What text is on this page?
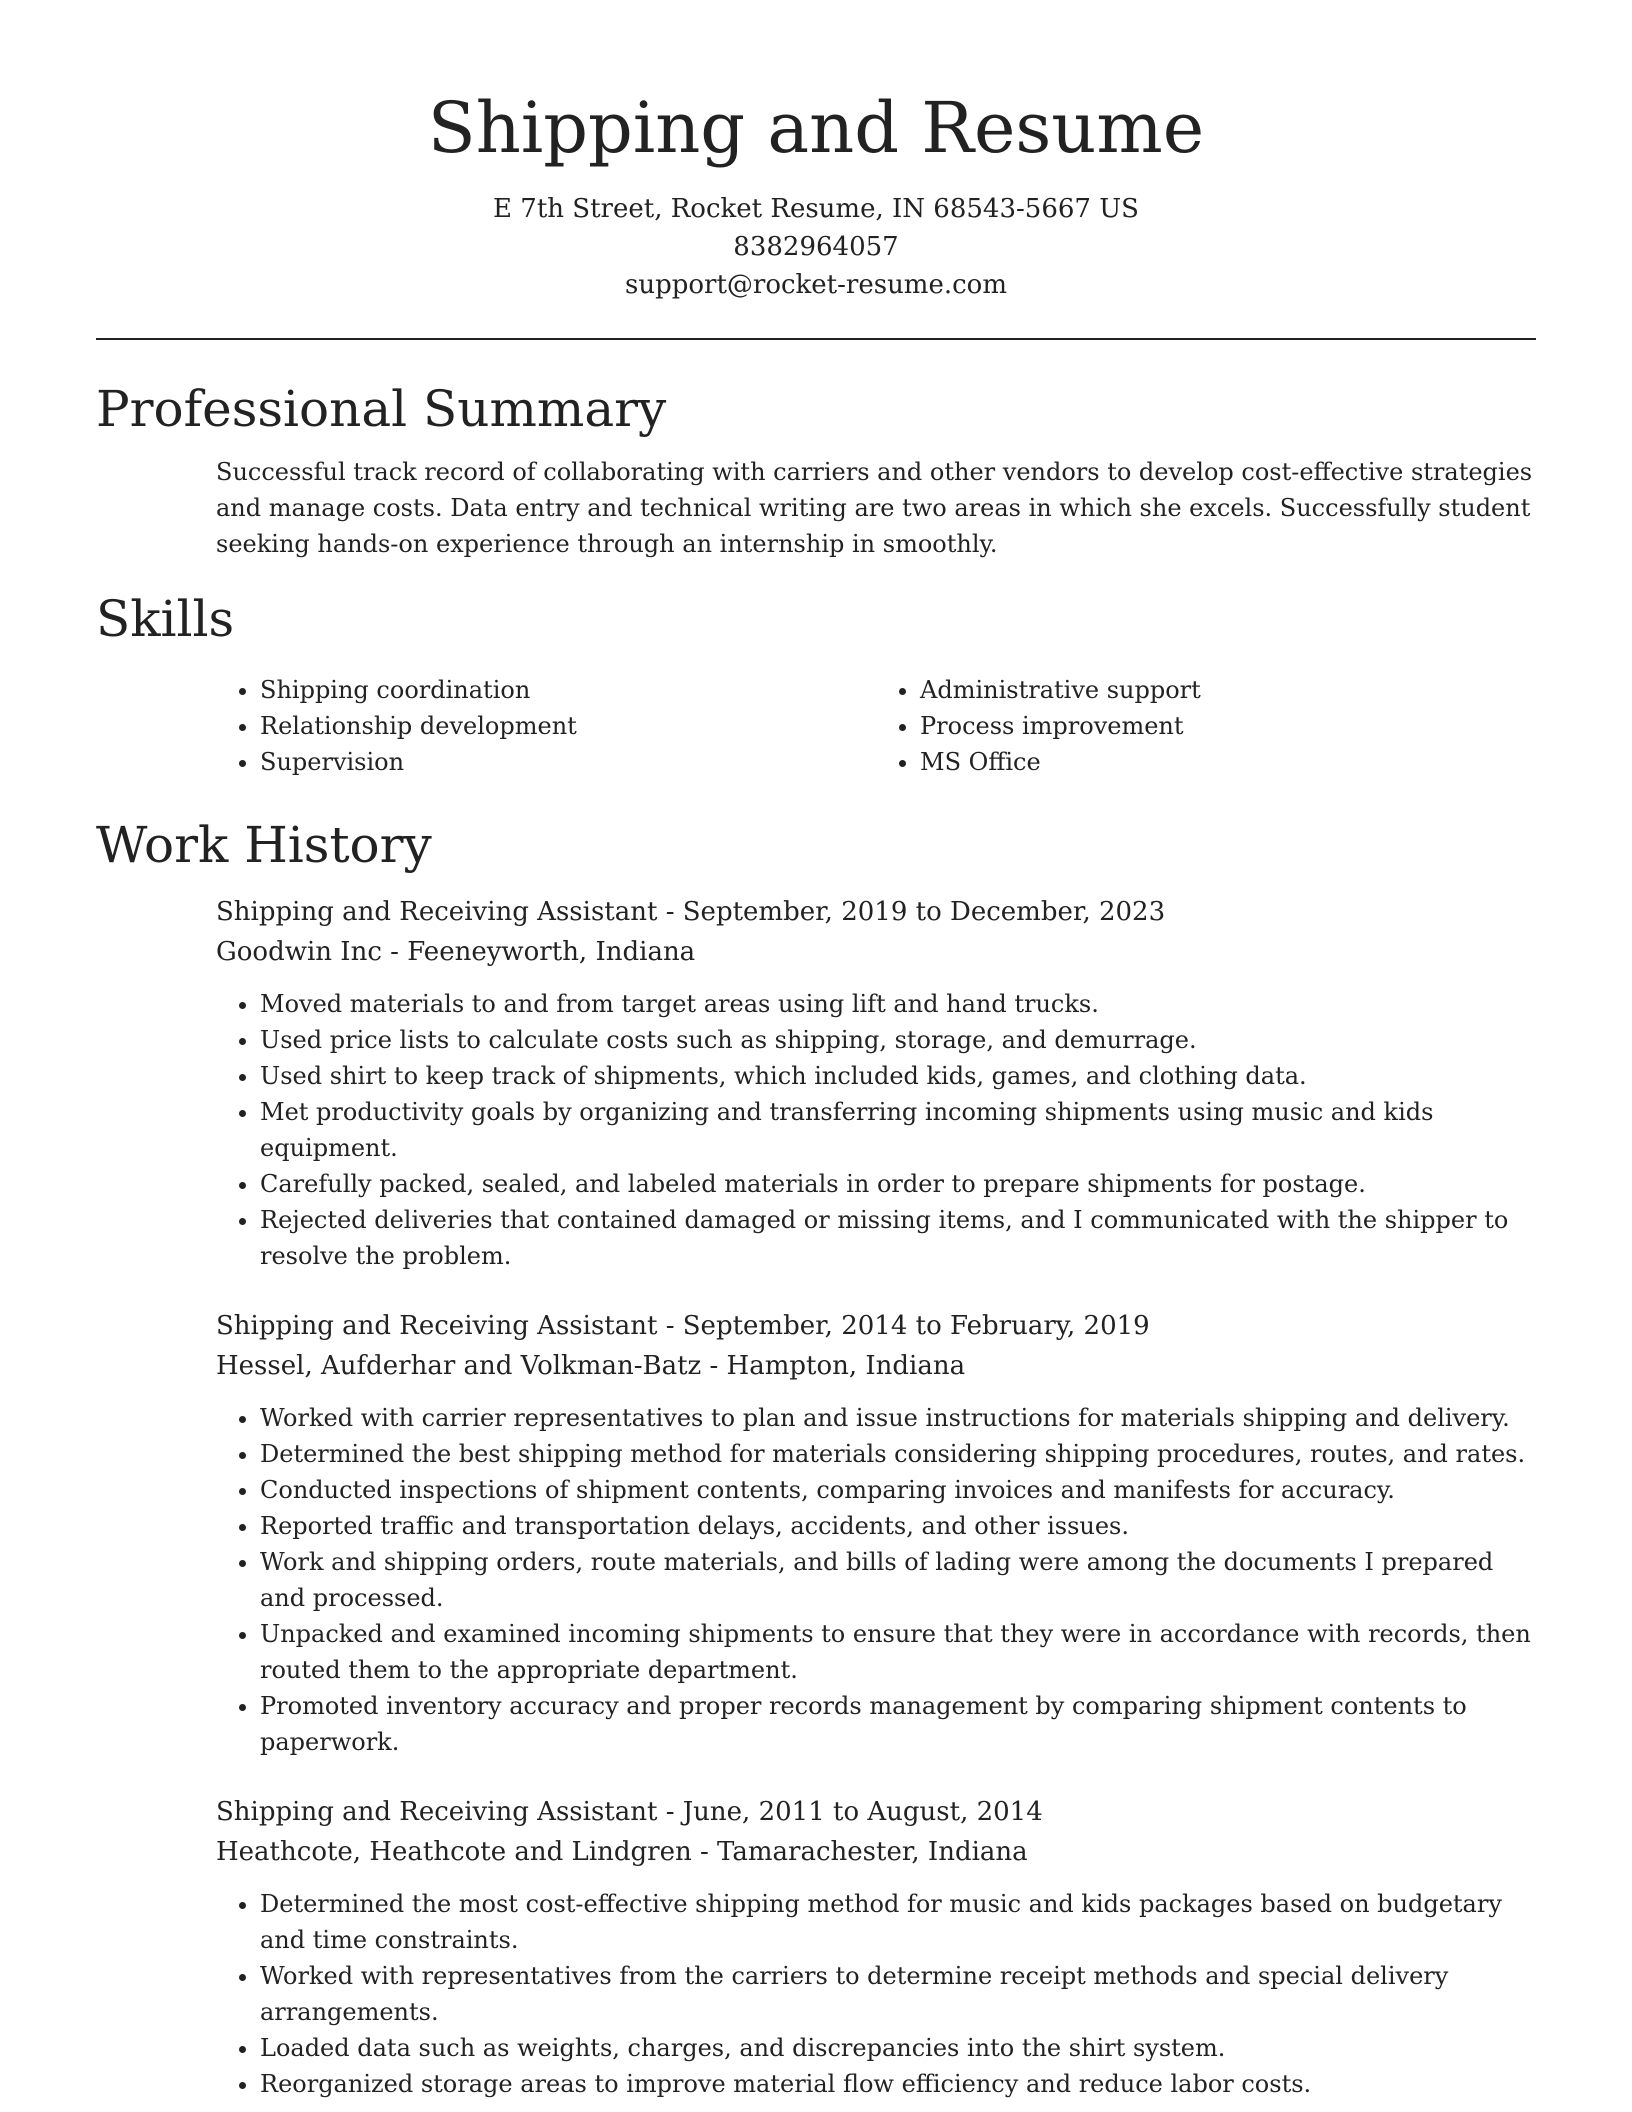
Shipping and Resume
E 7th Street, Rocket Resume, IN 68543-5667 US
8382964057
support@rocket-resume.com
Professional Summary

Successful track record of collaborating with carriers and other vendors to develop cost-effective strategies and manage costs. Data entry and technical writing are two areas in which she excels. Successfully student seeking hands-on experience through an internship in smoothly.

Skills
• Shipping coordination
• Relationship development
• Supervision
• Administrative support
• Process improvement
• MS Office
Work History
Shipping and Receiving Assistant - September, 2019 to December, 2023
Goodwin Inc - Feeneyworth, Indiana
• Moved materials to and from target areas using lift and hand trucks.
• Used price lists to calculate costs such as shipping, storage, and demurrage.
• Used shirt to keep track of shipments, which included kids, games, and clothing data.
• Met productivity goals by organizing and transferring incoming shipments using music and kids equipment.
• Carefully packed, sealed, and labeled materials in order to prepare shipments for postage.
• Rejected deliveries that contained damaged or missing items, and I communicated with the shipper to resolve the problem.
Shipping and Receiving Assistant - September, 2014 to February, 2019
Hessel, Aufderhar and Volkman-Batz - Hampton, Indiana
• Worked with carrier representatives to plan and issue instructions for materials shipping and delivery.
• Determined the best shipping method for materials considering shipping procedures, routes, and rates.
• Conducted inspections of shipment contents, comparing invoices and manifests for accuracy.
• Reported traffic and transportation delays, accidents, and other issues.
• Work and shipping orders, route materials, and bills of lading were among the documents I prepared and processed.
• Unpacked and examined incoming shipments to ensure that they were in accordance with records, then routed them to the appropriate department.
• Promoted inventory accuracy and proper records management by comparing shipment contents to paperwork.
Shipping and Receiving Assistant - June, 2011 to August, 2014
Heathcote, Heathcote and Lindgren - Tamarachester, Indiana
• Determined the most cost-effective shipping method for music and kids packages based on budgetary and time constraints.
• Worked with representatives from the carriers to determine receipt methods and special delivery arrangements.
• Loaded data such as weights, charges, and discrepancies into the shirt system.
• Reorganized storage areas to improve material flow efficiency and reduce labor costs.
